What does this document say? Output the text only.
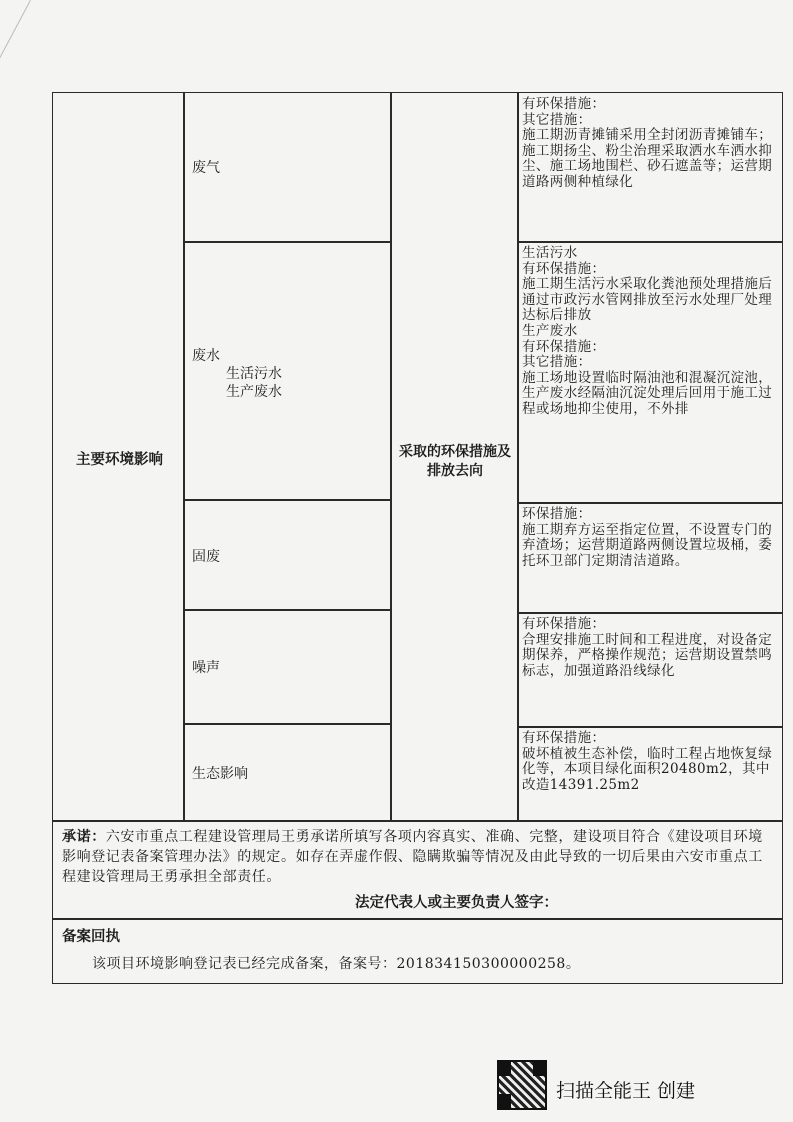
主要环境影响	采取的环保措施及排放去向
废气
废水
生活污水
生产废水
固废
噪声
生态影响
有环保措施：
其它措施：
施工期沥青摊铺采用全封闭沥青摊铺车；施工期扬尘、粉尘治理采取洒水车洒水抑尘、施工场地围栏、砂石遮盖等；运营期道路两侧种植绿化
生活污水
有环保措施：
施工期生活污水采取化粪池预处理措施后通过市政污水管网排放至污水处理厂处理达标后排放
生产废水
有环保措施：
其它措施：
施工场地设置临时隔油池和混凝沉淀池，生产废水经隔油沉淀处理后回用于施工过程或场地抑尘使用，不外排
环保措施：
施工期弃方运至指定位置，不设置专门的弃渣场；运营期道路两侧设置垃圾桶，委托环卫部门定期清洁道路。
有环保措施：
合理安排施工时间和工程进度，对设备定期保养，严格操作规范；运营期设置禁鸣标志，加强道路沿线绿化
有环保措施：
破坏植被生态补偿，临时工程占地恢复绿化等，本项目绿化面积20480m2，其中改造14391.25m2
承诺：六安市重点工程建设管理局王勇承诺所填写各项内容真实、准确、完整，建设项目符合《建设项目环境影响登记表备案管理办法》的规定。如存在弄虚作假、隐瞒欺骗等情况及由此导致的一切后果由六安市重点工程建设管理局王勇承担全部责任。
法定代表人或主要负责人签字：
备案回执
该项目环境影响登记表已经完成备案，备案号：201834150300000258。
扫描全能王 创建
